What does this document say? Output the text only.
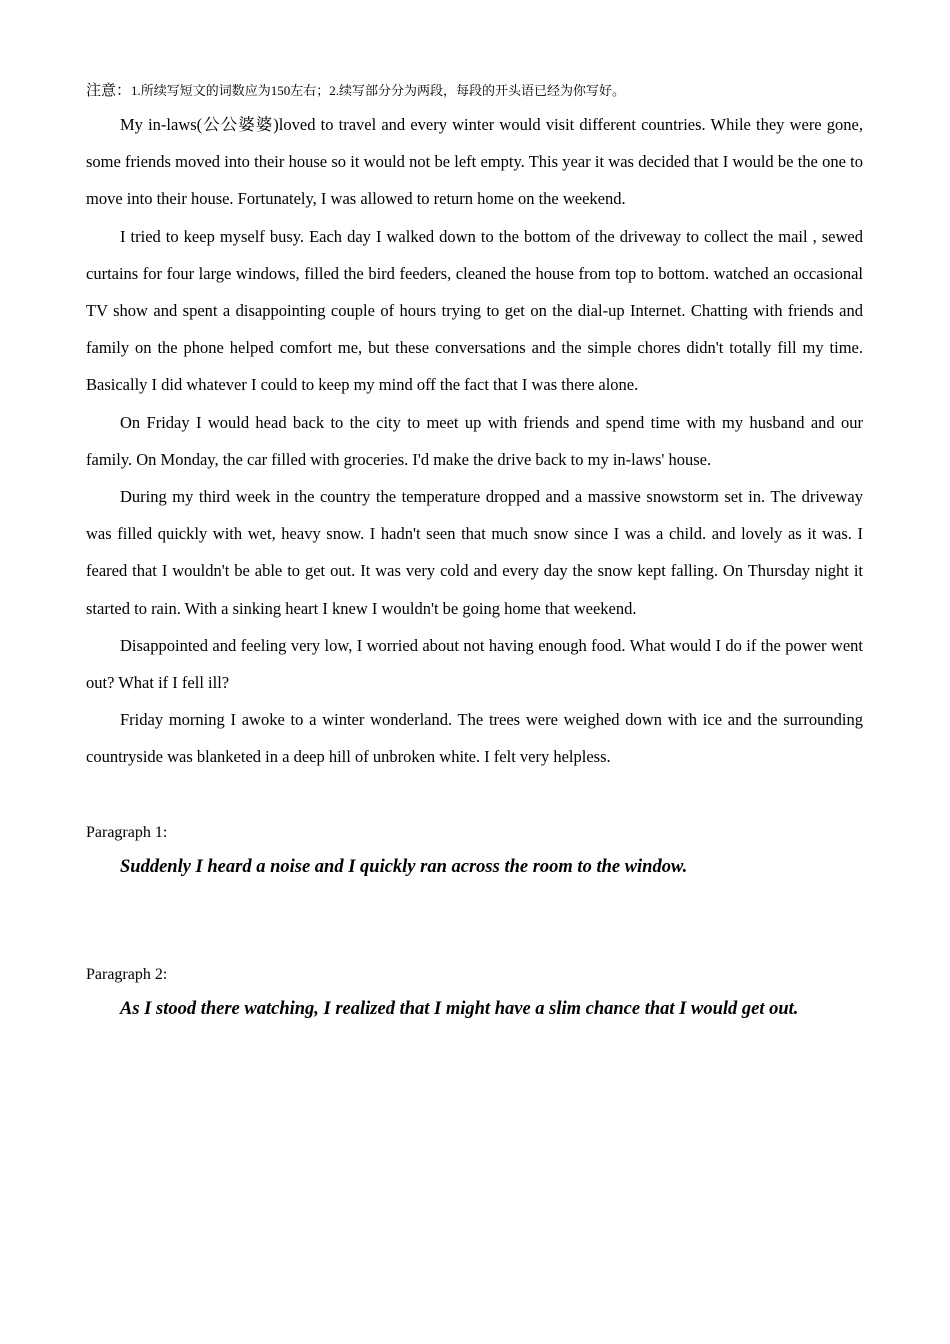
注意：1.所续写短文的词数应为150左右；2.续写部分分为两段，每段的开头语已经为你写好。

My in-laws(公公婆婆)loved to travel and every winter would visit different countries. While they were gone, some friends moved into their house so it would not be left empty. This year it was decided that I would be the one to move into their house. Fortunately, I was allowed to return home on the weekend.

I tried to keep myself busy. Each day I walked down to the bottom of the driveway to collect the mail , sewed curtains for four large windows, filled the bird feeders, cleaned the house from top to bottom. watched an occasional TV show and spent a disappointing couple of hours trying to get on the dial-up Internet. Chatting with friends and family on the phone helped comfort me, but these conversations and the simple chores didn't totally fill my time. Basically I did whatever I could to keep my mind off the fact that I was there alone.

On Friday I would head back to the city to meet up with friends and spend time with my husband and our family. On Monday, the car filled with groceries. I'd make the drive back to my in-laws' house.

During my third week in the country the temperature dropped and a massive snowstorm set in. The driveway was filled quickly with wet, heavy snow. I hadn't seen that much snow since I was a child. and lovely as it was. I feared that I wouldn't be able to get out. It was very cold and every day the snow kept falling. On Thursday night it started to rain. With a sinking heart I knew I wouldn't be going home that weekend.

Disappointed and feeling very low, I worried about not having enough food. What would I do if the power went out? What if I fell ill?

Friday morning I awoke to a winter wonderland. The trees were weighed down with ice and the surrounding countryside was blanketed in a deep hill of unbroken white. I felt very helpless.

Paragraph 1:

Suddenly I heard a noise and I quickly ran across the room to the window.

Paragraph 2:

As I stood there watching, I realized that I might have a slim chance that I would get out.
